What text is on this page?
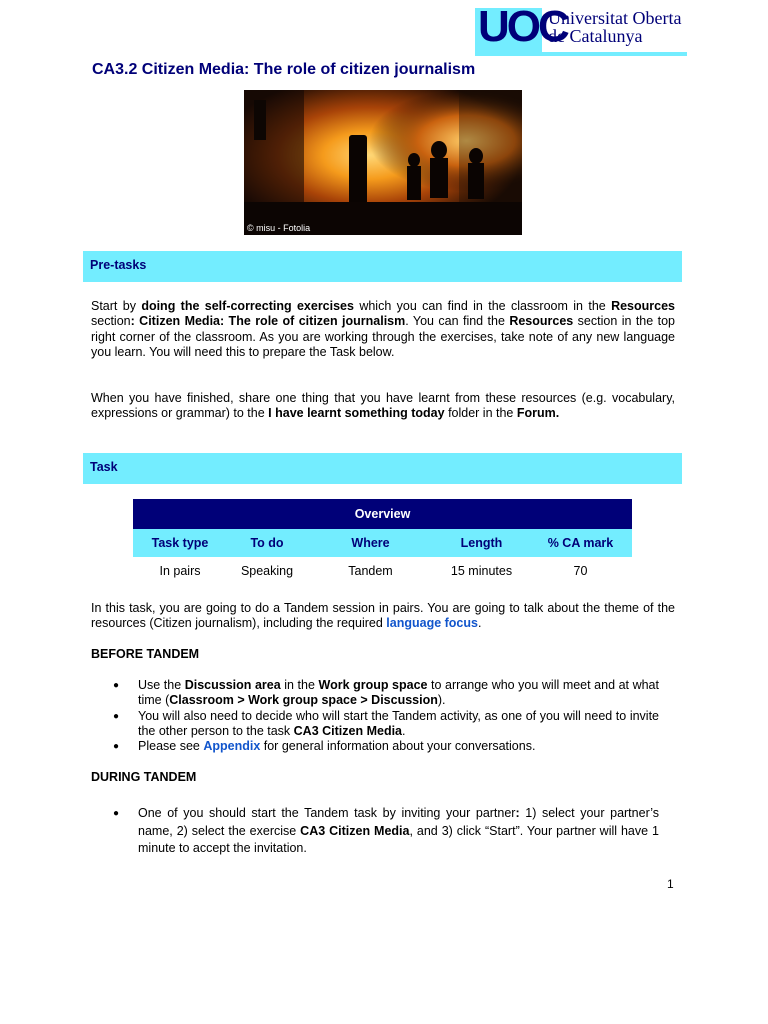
UOC
Universitat Oberta
de Catalunya
CA3.2 Citizen Media: The role of citizen journalism
© misu - Fotolia
Pre-tasks
Start by doing the self-correcting exercises which you can find in the classroom in the Resources section: Citizen Media: The role of citizen journalism. You can find the Resources section in the top right corner of the classroom. As you are working through the exercises, take note of any new language you learn. You will need this to prepare the Task below.
When you have finished, share one thing that you have learnt from these resources (e.g. vocabulary, expressions or grammar) to the I have learnt something today folder in the Forum.
Task
Overview				
Task type	To do	Where	Length	% CA mark
In pairs	Speaking	Tandem	15 minutes	70
In this task, you are going to do a Tandem session in pairs. You are going to talk about the theme of the resources (Citizen journalism), including the required language focus.
BEFORE TANDEM
● Use the Discussion area in the Work group space to arrange who you will meet and at what time (Classroom > Work group space > Discussion).
● You will also need to decide who will start the Tandem activity, as one of you will need to invite the other person to the task CA3 Citizen Media.
● Please see Appendix for general information about your conversations.
DURING TANDEM
● One of you should start the Tandem task by inviting your partner: 1) select your partner’s name, 2) select the exercise CA3 Citizen Media, and 3) click “Start”. Your partner will have 1 minute to accept the invitation.
1
